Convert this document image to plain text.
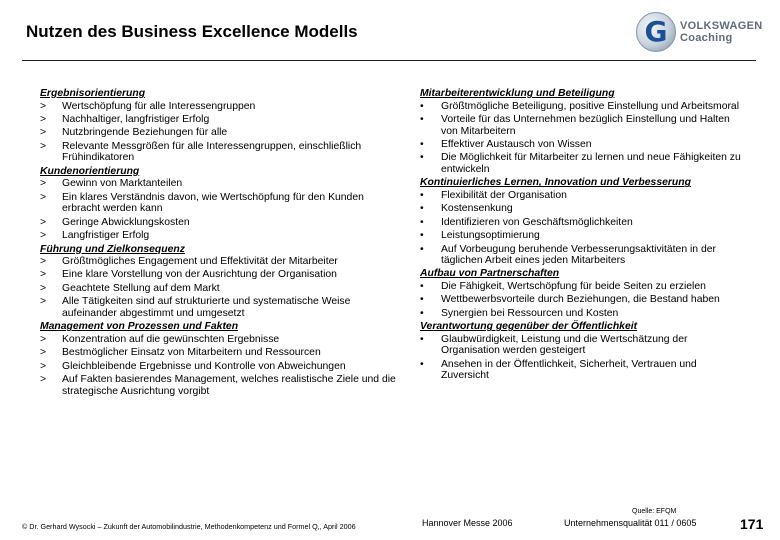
Nutzen des Business Excellence Modells	G	VOLKSWAGEN
Coaching
Ergebnisorientierung
>	Wertschöpfung für alle Interessengruppen
>	Nachhaltiger, langfristiger Erfolg
>	Nutzbringende Beziehungen für alle
>	Relevante Messgrößen für alle Interessengruppen, einschließlich Frühindikatoren
Kundenorientierung
>	Gewinn von Marktanteilen
>	Ein klares Verständnis davon, wie Wertschöpfung für den Kunden erbracht werden kann
>	Geringe Abwicklungskosten
>	Langfristiger Erfolg
Führung und Zielkonsequenz
>	Größtmögliches Engagement und Effektivität der Mitarbeiter
>	Eine klare Vorstellung von der Ausrichtung der Organisation
>	Geachtete Stellung auf dem Markt
>	Alle Tätigkeiten sind auf strukturierte und systematische Weise aufeinander abgestimmt und umgesetzt
Management von Prozessen und Fakten
>	Konzentration auf die gewünschten Ergebnisse
>	Bestmöglicher Einsatz von Mitarbeitern und Ressourcen
>	Gleichbleibende Ergebnisse und Kontrolle von Abweichungen
>	Auf Fakten basierendes Management, welches realistische Ziele und die strategische Ausrichtung vorgibt
Mitarbeiterentwicklung und Beteiligung
•	Größtmögliche Beteiligung, positive Einstellung und Arbeitsmoral
•	Vorteile für das Unternehmen bezüglich Einstellung und Halten von Mitarbeitern
•	Effektiver Austausch von Wissen
•	Die Möglichkeit für Mitarbeiter zu lernen und neue Fähigkeiten zu entwickeln
Kontinuierliches Lernen, Innovation und Verbesserung
•	Flexibilität der Organisation
•	Kostensenkung
•	Identifizieren von Geschäftsmöglichkeiten
•	Leistungsoptimierung
•	Auf Vorbeugung beruhende Verbesserungsaktivitäten in der täglichen Arbeit eines jeden Mitarbeiters
Aufbau von Partnerschaften
•	Die Fähigkeit, Wertschöpfung für beide Seiten zu erzielen
•	Wettbewerbsvorteile durch Beziehungen, die Bestand haben
•	Synergien bei Ressourcen und Kosten
Verantwortung gegenüber der Öffentlichkeit
•	Glaubwürdigkeit, Leistung und die Wertschätzung der Organisation werden gesteigert
•	Ansehen in der Öffentlichkeit, Sicherheit, Vertrauen und Zuversicht
© Dr. Gerhard Wysocki – Zukunft der Automobilindustrie, Methodenkompetenz und Formel Q,, April 2006	Hannover Messe 2006
Quelle: EFQM
Unternehmensqualität 011 / 0605	171
